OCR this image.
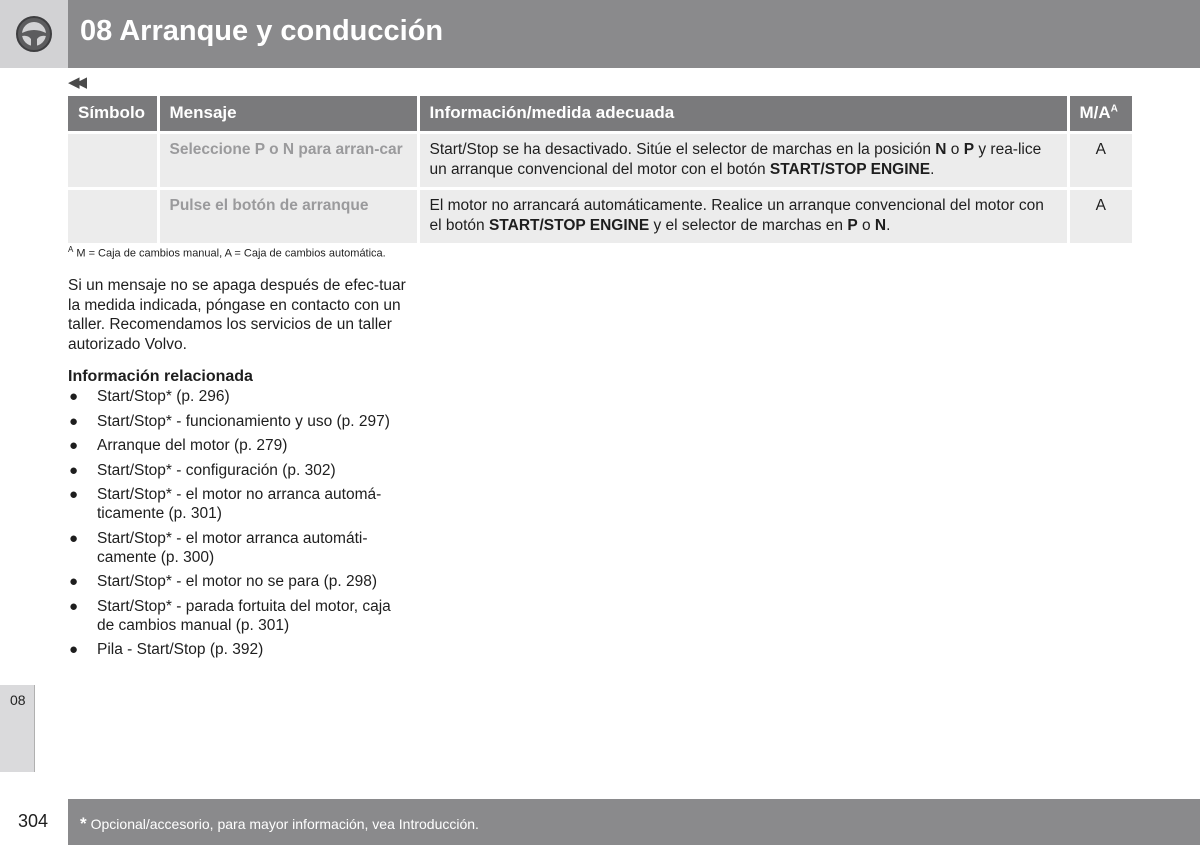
08 Arranque y conducción
◀◀
Símbolo	Mensaje	Información/medida adecuada	$M/A^A$
	Seleccione P o N para arran-car	Start/Stop se ha desactivado. Sitúe el selector de marchas en la posición N o P y rea-lice un arranque convencional del motor con el botón START/STOP ENGINE.	A
	Pulse el botón de arranque	El motor no arrancará automáticamente. Realice un arranque convencional del motor con el botón START/STOP ENGINE y el selector de marchas en P o N.	A
$^A$ M = Caja de cambios manual, A = Caja de cambios automática.
Si un mensaje no se apaga después de efec-tuar la medida indicada, póngase en contacto con un taller. Recomendamos los servicios de un taller autorizado Volvo.
Información relacionada
● Start/Stop* (p. 296)
● Start/Stop* - funcionamiento y uso (p. 297)
● Arranque del motor (p. 279)
● Start/Stop* - configuración (p. 302)
● Start/Stop* - el motor no arranca automá-ticamente (p. 301)
● Start/Stop* - el motor arranca automáti-camente (p. 300)
● Start/Stop* - el motor no se para (p. 298)
● Start/Stop* - parada fortuita del motor, caja de cambios manual (p. 301)
● Pila - Start/Stop (p. 392)
08
304 * Opcional/accesorio, para mayor información, vea Introducción.
